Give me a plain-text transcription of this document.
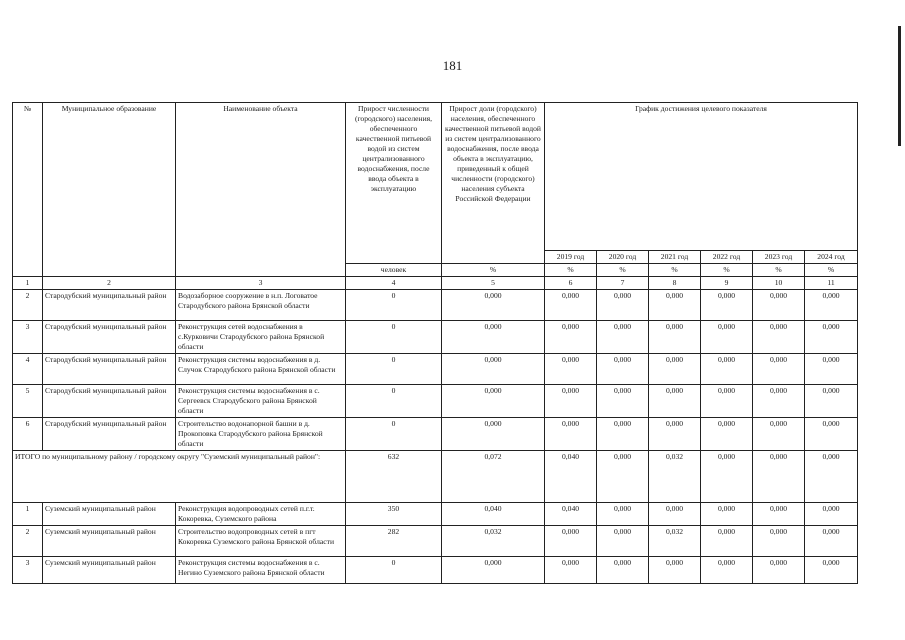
181
№	Муниципальное образование	Наименование объекта	Прирост численности (городского) населения, обеспеченного качественной питьевой водой из систем централизованного водоснабжения, после ввода объекта в эксплуатацию	Прирост доли (городского) населения, обеспеченного качественной питьевой водой из систем централизованного водоснабжения, после ввода объекта в эксплуатацию, приведенный к общей численности (городского) населения субъекта Российской Федерации	График достижения целевого показателя					
					2019 год	2020 год	2021 год	2022 год	2023 год	2024 год
			человек	%	%	%	%	%	%	%
1	2	3	4	5	6	7	8	9	10	11
2	Стародубский муниципальный район	Водозаборное сооружение в н.п. Логоватое Стародубского района Брянской области	0	0,000	0,000	0,000	0,000	0,000	0,000	0,000
3	Стародубский муниципальный район	Реконструкция сетей водоснабжения в с.Курковичи Стародубского района Брянской области	0	0,000	0,000	0,000	0,000	0,000	0,000	0,000
4	Стародубский муниципальный район	Реконструкция системы водоснабжения в д. Случок Стародубского района Брянской области	0	0,000	0,000	0,000	0,000	0,000	0,000	0,000
5	Стародубский муниципальный район	Реконструкция системы водоснабжения в с. Сергеевск Стародубского района Брянской области	0	0,000	0,000	0,000	0,000	0,000	0,000	0,000
6	Стародубский муниципальный район	Строительство водонапорной башни в д. Прокоповка Стародубского района Брянской области	0	0,000	0,000	0,000	0,000	0,000	0,000	0,000
ИТОГО по муниципальному району / городскому округу "Суземский муниципальный район":			632	0,072	0,040	0,000	0,032	0,000	0,000	0,000
1	Суземский муниципальный район	Реконструкция водопроводных сетей п.г.т. Кокоревка, Суземского района	350	0,040	0,040	0,000	0,000	0,000	0,000	0,000
2	Суземский муниципальный район	Строительство водопроводных сетей в пгт Кокоревка Суземского района Брянской области	282	0,032	0,000	0,000	0,032	0,000	0,000	0,000
3	Суземский муниципальный район	Реконструкция системы водоснабжения в с. Негино Суземского района Брянской области	0	0,000	0,000	0,000	0,000	0,000	0,000	0,000
